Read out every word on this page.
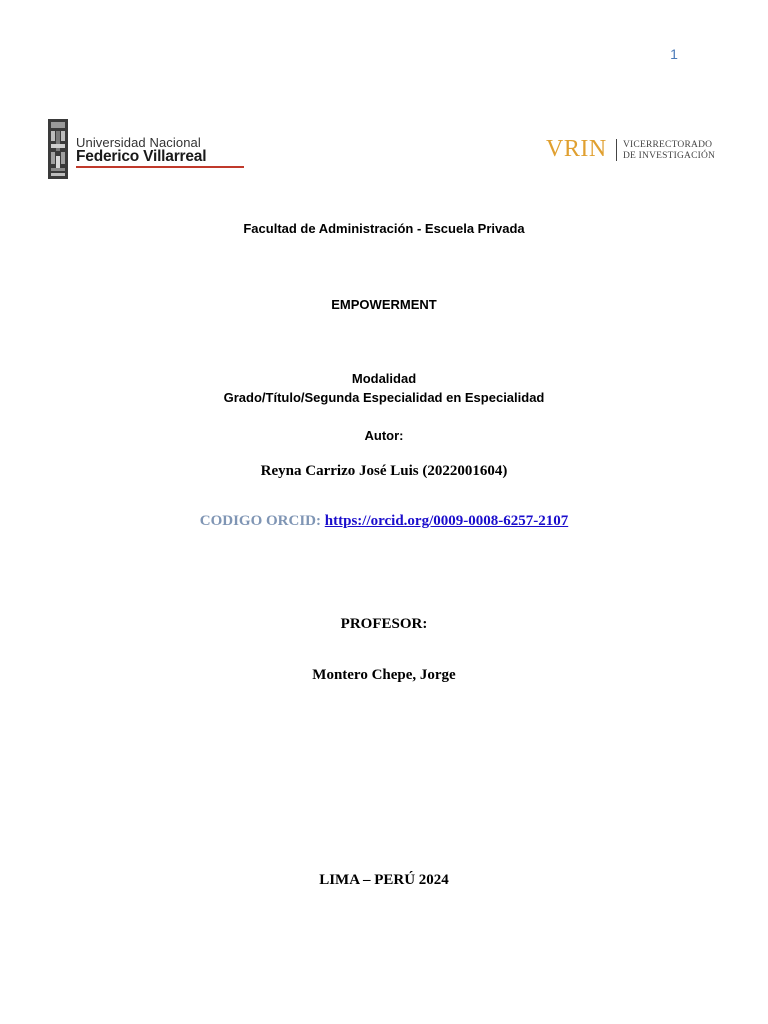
1
Universidad Nacional
Federico Villarreal	VRIN VICERRECTORADO
DE INVESTIGACIÓN
Facultad de Administración - Escuela Privada
EMPOWERMENT
Modalidad
Grado/Título/Segunda Especialidad en Especialidad
Autor:
Reyna Carrizo José Luis (2022001604)
CODIGO ORCID: https://orcid.org/0009-0008-6257-2107
PROFESOR:
Montero Chepe, Jorge
LIMA – PERÚ 2024
